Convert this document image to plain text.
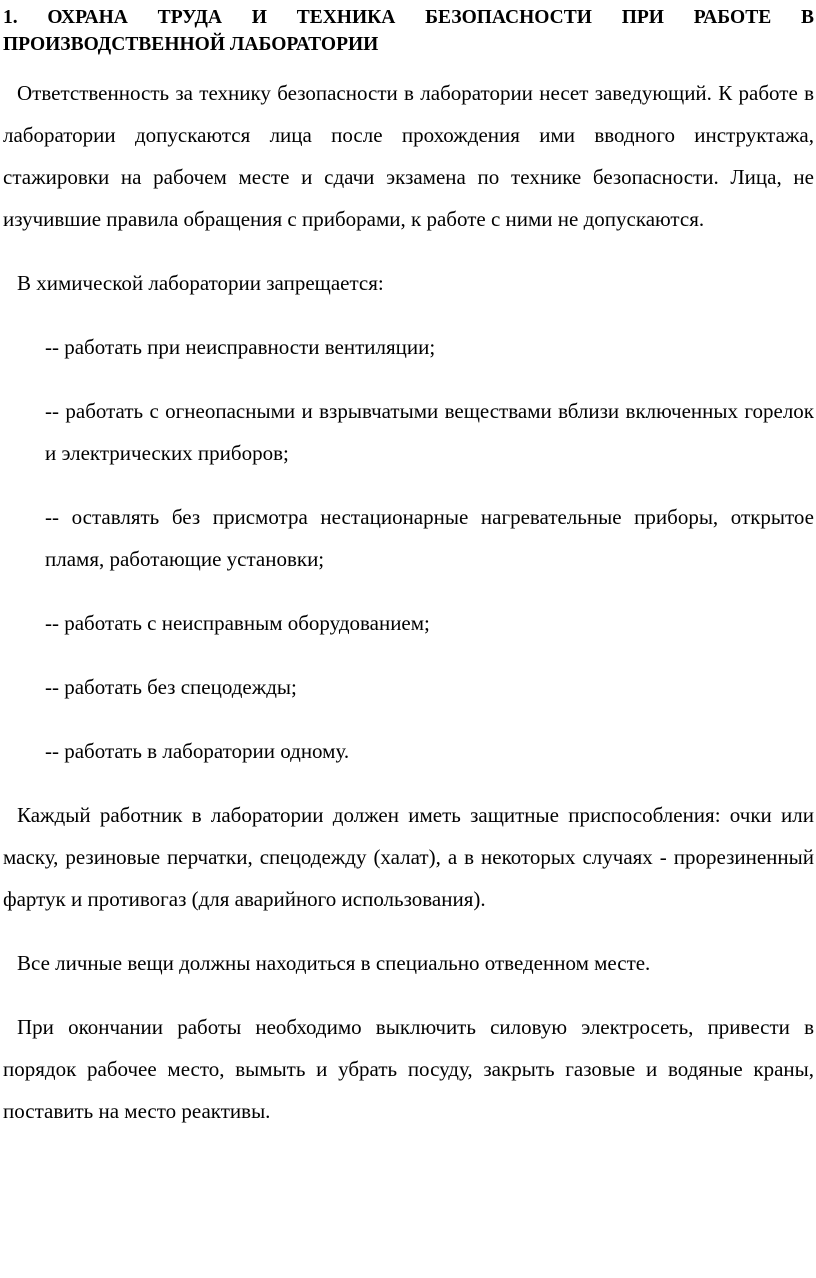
1. ОХРАНА ТРУДА И ТЕХНИКА БЕЗОПАСНОСТИ ПРИ РАБОТЕ В ПРОИЗВОДСТВЕННОЙ ЛАБОРАТОРИИ

Ответственность за технику безопасности в лаборатории несет заведующий. К работе в лаборатории допускаются лица после прохождения ими вводного инструктажа, стажировки на рабочем месте и сдачи экзамена по технике безопасности. Лица, не изучившие правила обращения с приборами, к работе с ними не допускаются.

В химической лаборатории запрещается:

-- работать при неисправности вентиляции;

-- работать с огнеопасными и взрывчатыми веществами вблизи включенных горелок и электрических приборов;

-- оставлять без присмотра нестационарные нагревательные приборы, открытое пламя, работающие установки;

-- работать с неисправным оборудованием;

-- работать без спецодежды;

-- работать в лаборатории одному.

Каждый работник в лаборатории должен иметь защитные приспособления: очки или маску, резиновые перчатки, спецодежду (халат), а в некоторых случаях - прорезиненный фартук и противогаз (для аварийного использования).

Все личные вещи должны находиться в специально отведенном месте.

При окончании работы необходимо выключить силовую электросеть, привести в порядок рабочее место, вымыть и убрать посуду, закрыть газовые и водяные краны, поставить на место реактивы.
